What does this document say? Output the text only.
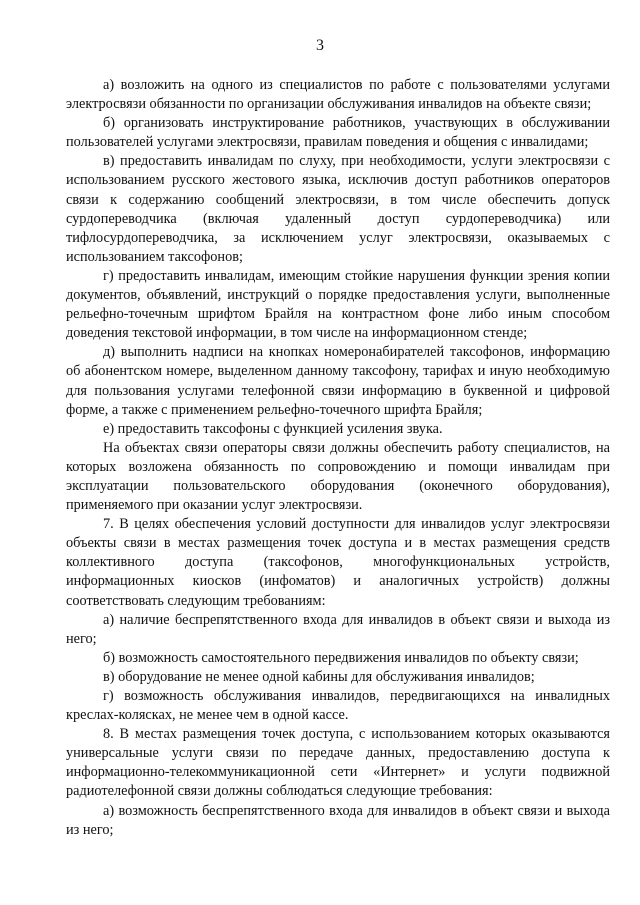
3

а) возложить на одного из специалистов по работе с пользователями услугами электросвязи обязанности по организации обслуживания инвалидов на объекте связи;

б) организовать инструктирование работников, участвующих в обслуживании пользователей услугами электросвязи, правилам поведения и общения с инвалидами;

в) предоставить инвалидам по слуху, при необходимости, услуги электросвязи с использованием русского жестового языка, исключив доступ работников операторов связи к содержанию сообщений электросвязи, в том числе обеспечить допуск сурдопереводчика (включая удаленный доступ сурдопереводчика) или тифлосурдопереводчика, за исключением услуг электросвязи, оказываемых с использованием таксофонов;

г) предоставить инвалидам, имеющим стойкие нарушения функции зрения копии документов, объявлений, инструкций о порядке предоставления услуги, выполненные рельефно-точечным шрифтом Брайля на контрастном фоне либо иным способом доведения текстовой информации, в том числе на информационном стенде;

д) выполнить надписи на кнопках номеронабирателей таксофонов, информацию об абонентском номере, выделенном данному таксофону, тарифах и иную необходимую для пользования услугами телефонной связи информацию в буквенной и цифровой форме, а также с применением рельефно-точечного шрифта Брайля;

е) предоставить таксофоны с функцией усиления звука.

На объектах связи операторы связи должны обеспечить работу специалистов, на которых возложена обязанность по сопровождению и помощи инвалидам при эксплуатации пользовательского оборудования (оконечного оборудования), применяемого при оказании услуг электросвязи.

7. В целях обеспечения условий доступности для инвалидов услуг электросвязи объекты связи в местах размещения точек доступа и в местах размещения средств коллективного доступа (таксофонов, многофункциональных устройств, информационных киосков (инфоматов) и аналогичных устройств) должны соответствовать следующим требованиям:

а) наличие беспрепятственного входа для инвалидов в объект связи и выхода из него;

б) возможность самостоятельного передвижения инвалидов по объекту связи;

в) оборудование не менее одной кабины для обслуживания инвалидов;

г) возможность обслуживания инвалидов, передвигающихся на инвалидных креслах-колясках, не менее чем в одной кассе.

8. В местах размещения точек доступа, с использованием которых оказываются универсальные услуги связи по передаче данных, предоставлению доступа к информационно-телекоммуникационной сети «Интернет» и услуги подвижной радиотелефонной связи должны соблюдаться следующие требования:

а) возможность беспрепятственного входа для инвалидов в объект связи и выхода из него;
